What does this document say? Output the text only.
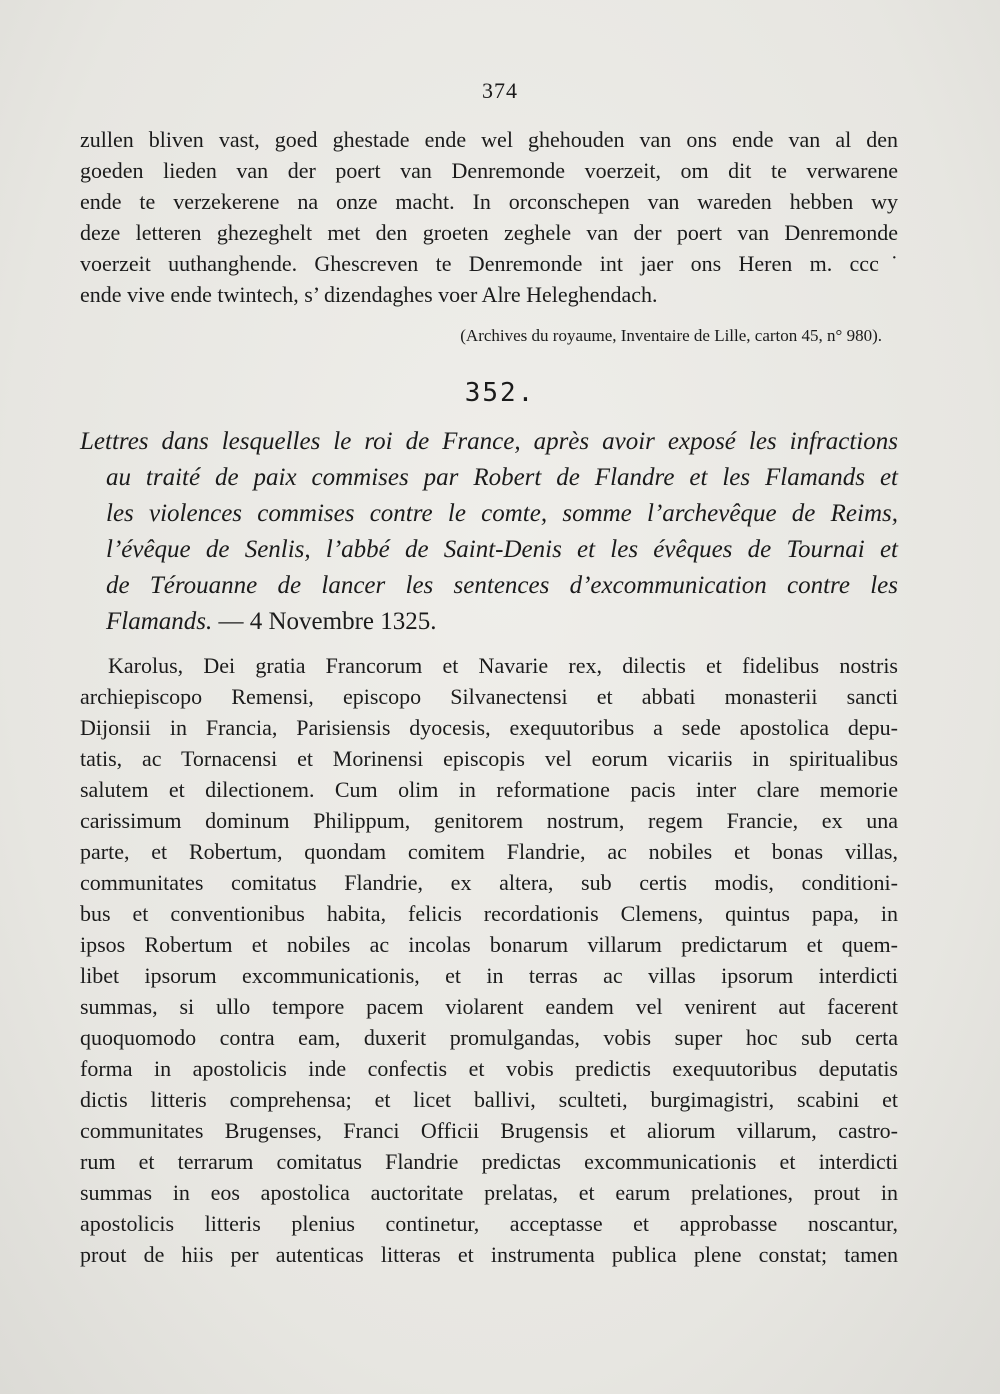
374
zullen bliven vast, goed ghestade ende wel ghehouden van ons ende van al den
goeden lieden van der poert van Denremonde voerzeit, om dit te verwarene
ende te verzekerene na onze macht. In orconschepen van wareden hebben wy
deze letteren ghezeghelt met den groeten zeghele van der poert van Denremonde
voerzeit uuthanghende. Ghescreven te Denremonde int jaer ons Heren m. ccc˙
ende vive ende twintech, s’ dizendaghes voer Alre Heleghendach.
(Archives du royaume, Inventaire de Lille, carton 45, n° 980).
352.
Lettres dans lesquelles le roi de France, après avoir exposé les infractions
au traité de paix commises par Robert de Flandre et les Flamands et
les violences commises contre le comte, somme l’archevêque de Reims,
l’évêque de Senlis, l’abbé de Saint-Denis et les évêques de Tournai et
de Térouanne de lancer les sentences d’excommunication contre les
Flamands. — 4 Novembre 1325.
Karolus, Dei gratia Francorum et Navarie rex, dilectis et fidelibus nostris
archiepiscopo Remensi, episcopo Silvanectensi et abbati monasterii sancti
Dijonsii in Francia, Parisiensis dyocesis, exequutoribus a sede apostolica depu-
tatis, ac Tornacensi et Morinensi episcopis vel eorum vicariis in spiritualibus
salutem et dilectionem. Cum olim in reformatione pacis inter clare memorie
carissimum dominum Philippum, genitorem nostrum, regem Francie, ex una
parte, et Robertum, quondam comitem Flandrie, ac nobiles et bonas villas,
communitates comitatus Flandrie, ex altera, sub certis modis, conditioni-
bus et conventionibus habita, felicis recordationis Clemens, quintus papa, in
ipsos Robertum et nobiles ac incolas bonarum villarum predictarum et quem-
libet ipsorum excommunicationis, et in terras ac villas ipsorum interdicti
summas, si ullo tempore pacem violarent eandem vel venirent aut facerent
quoquomodo contra eam, duxerit promulgandas, vobis super hoc sub certa
forma in apostolicis inde confectis et vobis predictis exequutoribus deputatis
dictis litteris comprehensa; et licet ballivi, sculteti, burgimagistri, scabini et
communitates Brugenses, Franci Officii Brugensis et aliorum villarum, castro-
rum et terrarum comitatus Flandrie predictas excommunicationis et interdicti
summas in eos apostolica auctoritate prelatas, et earum prelationes, prout in
apostolicis litteris plenius continetur, acceptasse et approbasse noscantur,
prout de hiis per autenticas litteras et instrumenta publica plene constat; tamen
